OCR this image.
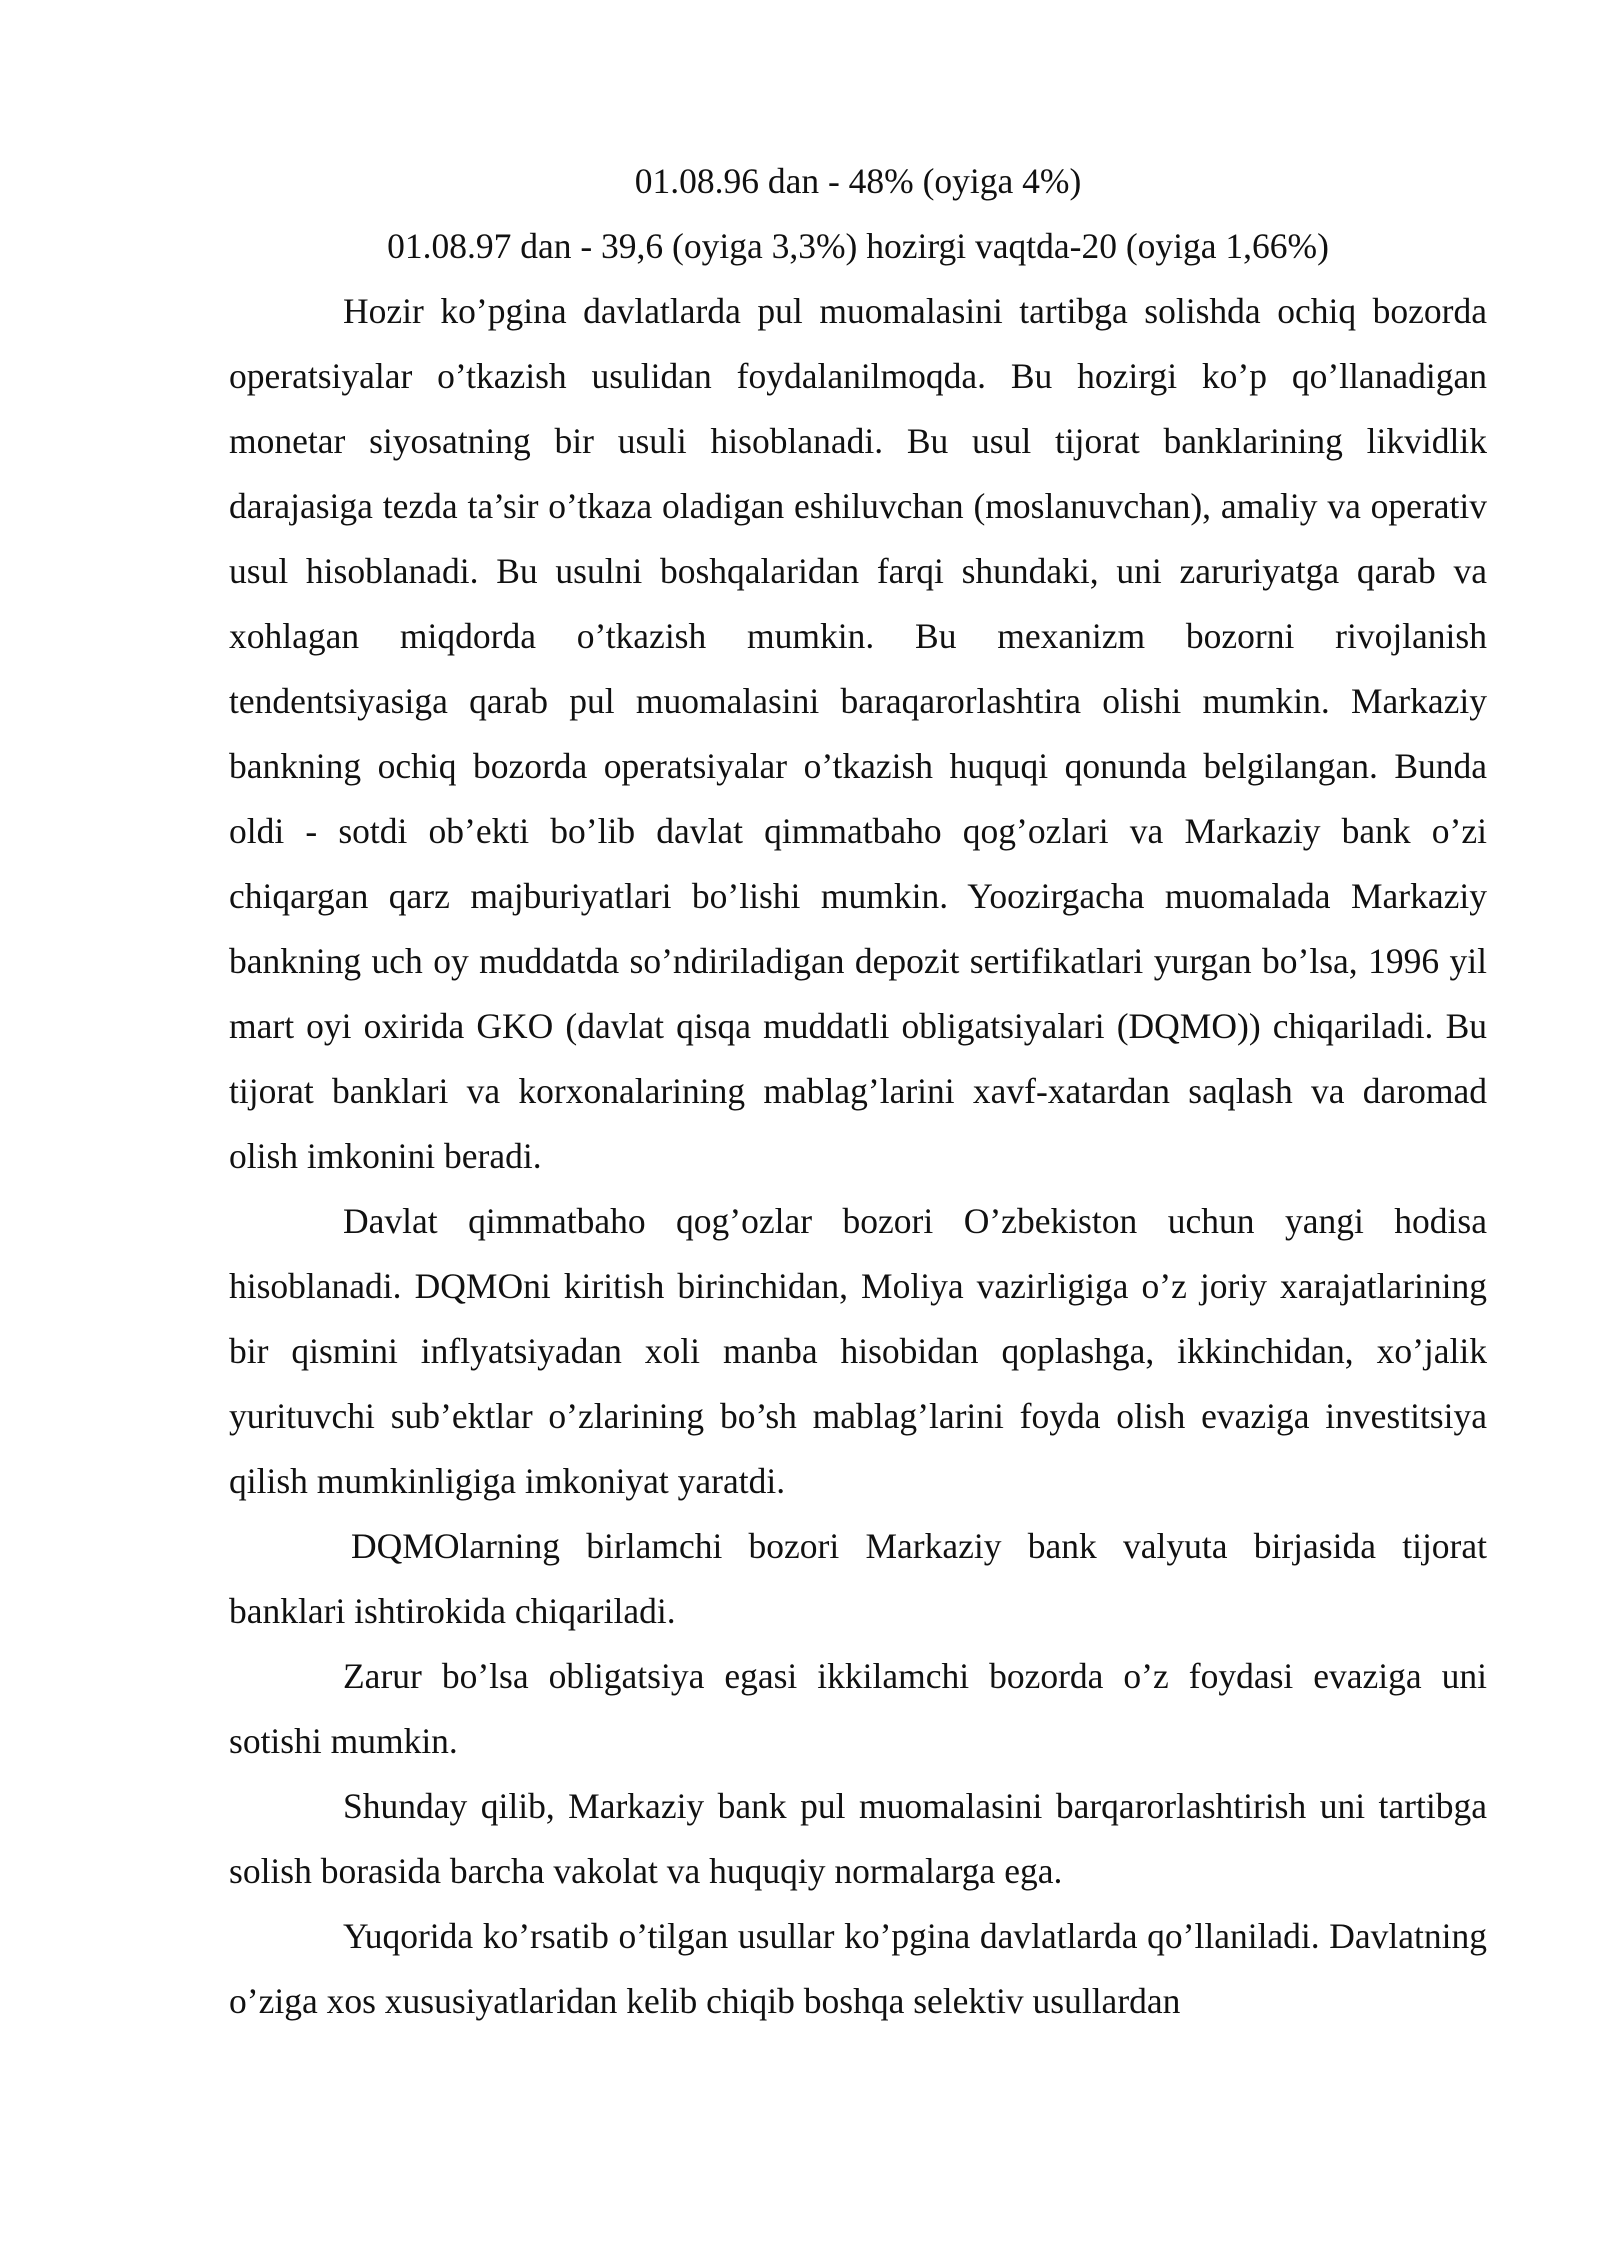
01.08.96 dan - 48% (oyiga 4%)

01.08.97 dan - 39,6 (oyiga 3,3%) hozirgi vaqtda-20 (oyiga 1,66%)

Hozir ko’pgina davlatlarda pul muomalasini tartibga solishda ochiq bozorda operatsiyalar o’tkazish usulidan foydalanilmoqda. Bu hozirgi ko’p qo’llanadigan monetar siyosatning bir usuli hisoblanadi. Bu usul tijorat banklarining likvidlik darajasiga tezda ta’sir o’tkaza oladigan eshiluvchan (moslanuvchan), amaliy va operativ usul hisoblanadi. Bu usulni boshqalaridan farqi shundaki, uni zaruriyatga qarab va xohlagan miqdorda o’tkazish mumkin. Bu mexanizm bozorni rivojlanish tendentsiyasiga qarab pul muomalasini baraqarorlashtira olishi mumkin. Markaziy bankning ochiq bozorda operatsiyalar o’tkazish huquqi qonunda belgilangan. Bunda oldi - sotdi ob’ekti bo’lib davlat qimmatbaho qog’ozlari va Markaziy bank o’zi chiqargan qarz majburiyatlari bo’lishi mumkin. Yoozirgacha muomalada Markaziy bankning uch oy muddatda so’ndiriladigan depozit sertifikatlari yurgan bo’lsa, 1996 yil mart oyi oxirida GKO (davlat qisqa muddatli obligatsiyalari (DQMO)) chiqariladi. Bu tijorat banklari va korxonalarining mablag’larini xavf-xatardan saqlash va daromad olish imkonini beradi.

Davlat qimmatbaho qog’ozlar bozori O’zbekiston uchun yangi hodisa hisoblanadi. DQMOni kiritish birinchidan, Moliya vazirligiga o’z joriy xarajatlarining bir qismini inflyatsiyadan xoli manba hisobidan qoplashga, ikkinchidan, xo’jalik yurituvchi sub’ektlar o’zlarining bo’sh mablag’larini foyda olish evaziga investitsiya qilish mumkinligiga imkoniyat yaratdi.

DQMOlarning birlamchi bozori Markaziy bank valyuta birjasida tijorat banklari ishtirokida chiqariladi.

Zarur bo’lsa obligatsiya egasi ikkilamchi bozorda o’z foydasi evaziga uni sotishi mumkin.

Shunday qilib, Markaziy bank pul muomalasini barqarorlashtirish uni tartibga solish borasida barcha vakolat va huquqiy normalarga ega.

Yuqorida ko’rsatib o’tilgan usullar ko’pgina davlatlarda qo’llaniladi. Davlatning o’ziga xos xususiyatlaridan kelib chiqib boshqa selektiv usullardan
